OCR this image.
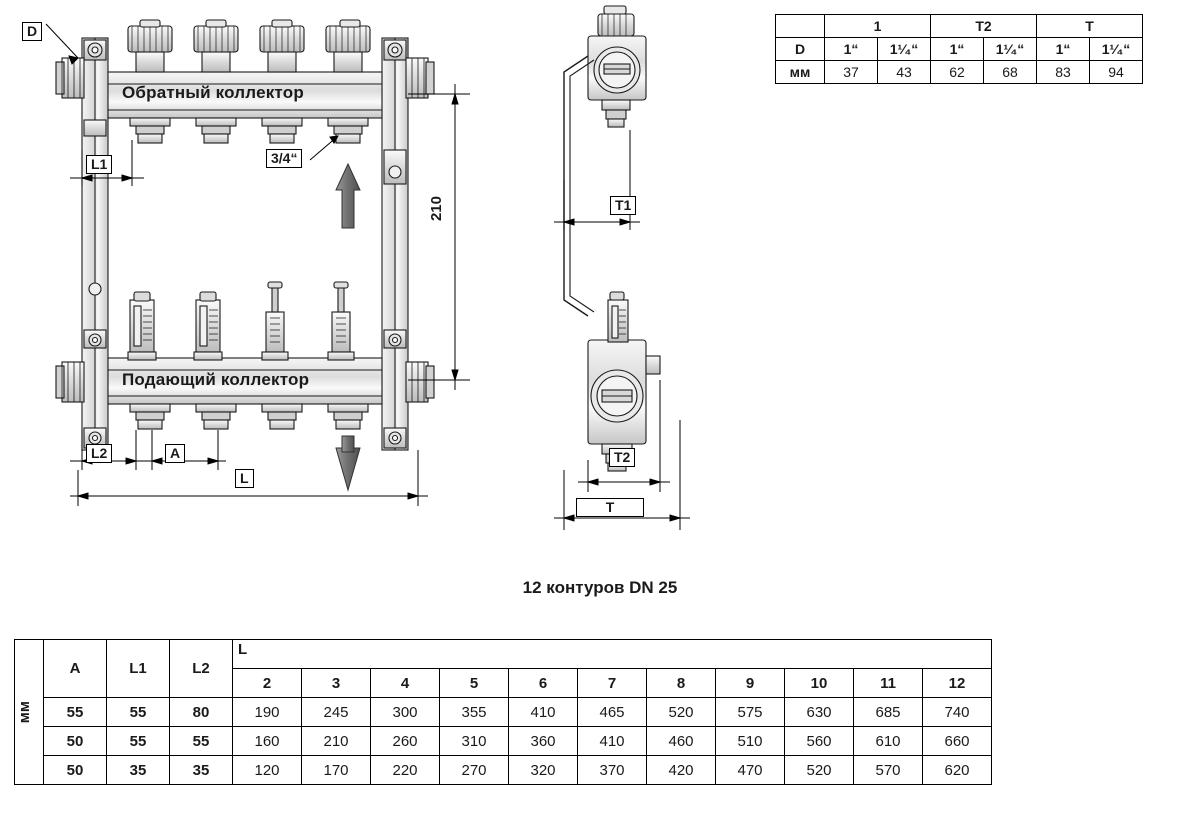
	1		T2		T	
D	1“	1¹⁄₄“	1“	1¹⁄₄“	1“	1¹⁄₄“
мм	37	43	62	68	83	94
D
Обратный коллектор
Подающий коллектор
L1	3/4“
210
L2	A
L
T1
T2
T
12 контуров DN 25
мм	A	L1	L2	L										
				2	3	4	5	6	7	8	9	10	11	12
	55	55	80	190	245	300	355	410	465	520	575	630	685	740
	50	55	55	160	210	260	310	360	410	460	510	560	610	660
	50	35	35	120	170	220	270	320	370	420	470	520	570	620
